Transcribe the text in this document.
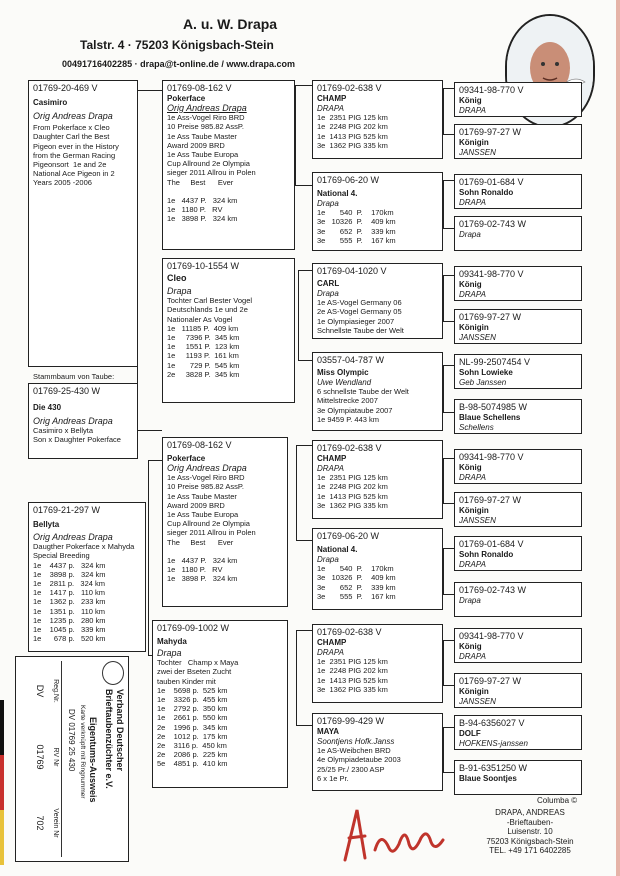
A. u. W. Drapa
Talstr. 4 · 75203 Königsbach-Stein
00491716402285 · drapa@t-online.de / www.drapa.com
01769-20-469 V
Casimiro
Orig Andreas Drapa
From Pokerface x Cleo
Daughter Carl the Best
Pigeon ever in the History
from the German Racing
Pigeonsort  1e and 2e
National Ace Pigeon in 2
Years 2005 -2006
Stammbaum von Taube:
01769-25-430 W
Die 430
Orig Andreas Drapa
Casimiro x Bellyta
Son x Daughter Pokerface
01769-21-297 W
Bellyta
Orig Andreas Drapa
Daugther Pokerface x Mahyda
Special Breeding
1e    4437 p.   324 km
1e    3898 p.   324 km
1e    2811 p.   324 km
1e    1417 p.   110 km
1e    1362 p.   233 km
1e    1351 p.   110 km
1e    1235 p.   280 km
1e    1045 p.   339 km
1e      678 p.   520 km
01769-08-162 V
Pokerface
Orig Andreas Drapa
1e Ass-Vogel Riro BRD
10 Preise 985.82 AssP.
1e Ass Taube Master
Award 2009 BRD
1e Ass Taube Europa
Cup Allround 2e Olympia
sieger 2011 Allrou in Polen
The     Best      Ever

1e   4437 P.   324 km
1e   1180 P.   RV
1e   3898 P.   324 km
01769-10-1554 W
Cleo
Drapa
Tochter Carl Bester Vogel
Deutschlands 1e und 2e
Nationaler As Vogel
1e   11185 P.  409 km
1e     7396 P.  345 km
1e     1551 P.  123 km
1e     1193 P.  161 km
1e       729 P.  545 km
2e     3828 P.  345 km
01769-08-162 V
Pokerface
Orig Andreas Drapa
1e Ass-Vogel Riro BRD
10 Preise 985.82 AssP.
1e Ass Taube Master
Award 2009 BRD
1e Ass Taube Europa
Cup Allround 2e Olympia
sieger 2011 Allrou in Polen
The     Best      Ever

1e   4437 P.   324 km
1e   1180 P.   RV
1e   3898 P.   324 km
01769-09-1002 W
Mahyda
Drapa
Tochter   Champ x Maya
zwei der Bseten Zucht
tauben Kinder mit
1e    5698 p.  525 km
1e    3326 p.  455 km
1e    2792 p.  350 km
1e    2661 p.  550 km
2e    1996 p.  345 km
2e    1012 p.  175 km
2e    3116 p.  450 km
2e    2086 p.  225 km
5e    4851 p.  410 km
01769-02-638 V
CHAMP
DRAPA
1e  2351 PIG 125 km
1e  2248 PIG 202 km
1e  1413 PIG 525 km
3e  1362 PIG 335 km
01769-06-20 W
National 4.
Drapa
1e       540  P.    170km
3e   10326  P.    409 km
3e       652  P.    339 km
3e       555  P.    167 km
01769-04-1020 V
CARL
Drapa
1e AS-Vogel Germany 06
2e AS-Vogel Germany 05
1e Olympiasieger 2007
Schnellste Taube der Welt
03557-04-787 W
Miss Olympic
Uwe Wendland
6 schnellste Taube der Welt
Mittelstrecke 2007
3e Olympiataube 2007
1e 9459 P. 443 km
01769-02-638 V
CHAMP
DRAPA
1e  2351 PIG 125 km
1e  2248 PIG 202 km
1e  1413 PIG 525 km
3e  1362 PIG 335 km
01769-06-20 W
National 4.
Drapa
1e       540  P.    170km
3e   10326  P.    409 km
3e       652  P.    339 km
3e       555  P.    167 km
01769-02-638 V
CHAMP
DRAPA
1e  2351 PIG 125 km
1e  2248 PIG 202 km
1e  1413 PIG 525 km
3e  1362 PIG 335 km
01769-99-429 W
MAYA
Soontjens Hofk.Janss
1e AS-Weibchen BRD
4e Olympiadetaube 2003
25/25 Pr./ 2300 ASP
6 x 1e Pr.
09341-98-770 V
König
DRAPA
01769-97-27 W
Königin
JANSSEN
01769-01-684 V
Sohn Ronaldo
DRAPA
01769-02-743 W
Drapa
09341-98-770 V
König
DRAPA
01769-97-27 W
Königin
JANSSEN
NL-99-2507454 V
Sohn Lowieke
Geb Janssen
B-98-5074985 W
Blaue Schellens
Schellens
09341-98-770 V
König
DRAPA
01769-97-27 W
Königin
JANSSEN
01769-01-684 V
Sohn Ronaldo
DRAPA
01769-02-743 W
Drapa
09341-98-770 V
König
DRAPA
01769-97-27 W
Königin
JANSSEN
B-94-6356027 V
DOLF
HOFKENS-janssen
B-91-6351250 W
Blaue Soontjes
Verband Deutscher
Brieftaubenzüchter e.V.
Eigentums-Ausweis
Karte verknüpft mit Ringnummer
DV 01769 25 430
Reg.Nr.
DV
RV Nr
01769
Verein Nr
702
Columba ©
DRAPA, ANDREAS
-Brieftauben-
Luisenstr. 10
75203 Königsbach-Stein
TEL. +49 171 6402285
